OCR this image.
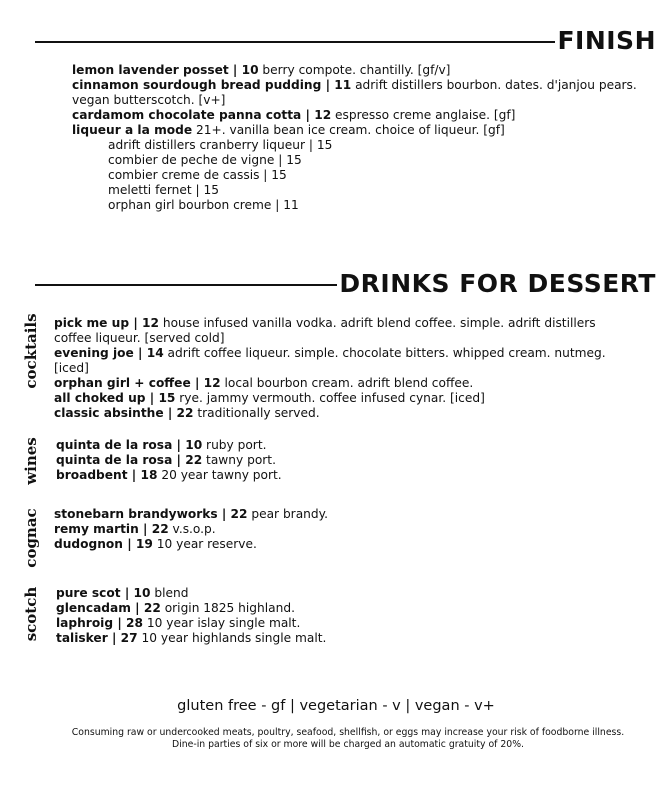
FINISH

lemon lavender posset | 10 berry compote. chantilly. [gf/v]

cinnamon sourdough bread pudding | 11 adrift distillers bourbon. dates. d'janjou pears. vegan butterscotch. [v+]

cardamom chocolate panna cotta | 12 espresso creme anglaise. [gf]

liqueur a la mode 21+. vanilla bean ice cream. choice of liqueur. [gf]

adrift distillers cranberry liqueur | 15
combier de peche de vigne | 15
combier creme de cassis | 15
meletti fernet | 15
orphan girl bourbon creme | 11
DRINKS FOR DESSERT
cocktails pick me up | 12 house infused vanilla vodka. adrift blend coffee. simple. adrift distillers coffee liqueur. [served cold]

evening joe | 14 adrift coffee liqueur. simple. chocolate bitters. whipped cream. nutmeg. [iced]

orphan girl + coffee | 12 local bourbon cream. adrift blend coffee.

all choked up | 15 rye. jammy vermouth. coffee infused cynar. [iced]

classic absinthe | 22 traditionally served.

wines quinta de la rosa | 10 ruby port.

quinta de la rosa | 22 tawny port.

broadbent | 18 20 year tawny port.

cognac stonebarn brandyworks | 22 pear brandy.

remy martin | 22 v.s.o.p.

dudognon | 19 10 year reserve.

scotch pure scot | 10 blend

glencadam | 22 origin 1825 highland.

laphroig | 28 10 year islay single malt.

talisker | 27 10 year highlands single malt.

gluten free - gf | vegetarian - v | vegan - v+
Consuming raw or undercooked meats, poultry, seafood, shellfish, or eggs may increase your risk of foodborne illness. Dine-in parties of six or more will be charged an automatic gratuity of 20%.
